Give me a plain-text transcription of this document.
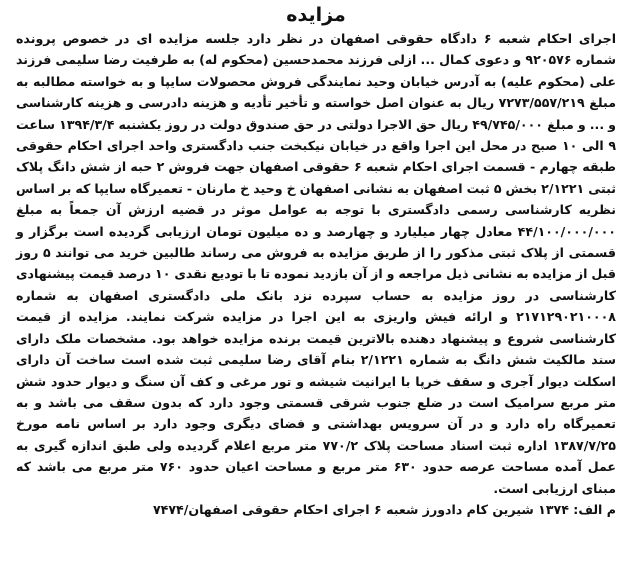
مزایده

اجرای احکام شعبه ۶ دادگاه حقوقی اصفهان در نظر دارد جلسه مزایده ای در خصوص پرونده شماره ۹۲۰۵۷۶ و دعوی کمال ... ازلی فرزند محمدحسین (محکوم له) به طرفیت رضا سلیمی فرزند علی (محکوم علیه) به آدرس خیابان وحید نمایندگی فروش محصولات سایپا و به خواسته مطالبه به مبلغ ۷۲۷۳/۵۵۷/۲۱۹ ریال به عنوان اصل خواسته و تأخیر تأدیه و هزینه دادرسی و هزینه کارشناسی و ... و مبلغ ۴۹/۷۴۵/۰۰۰ ریال حق الاجرا دولتی در حق صندوق دولت در روز یکشنبه ۱۳۹۴/۳/۴ ساعت ۹ الی ۱۰ صبح در محل این اجرا واقع در خیابان نیکبخت جنب دادگستری واحد اجرای احکام حقوقی طبقه چهارم - قسمت اجرای احکام شعبه ۶ حقوقی اصفهان جهت فروش ۲ حبه از شش دانگ پلاک ثبتی ۲/۱۲۲۱ بخش ۵ ثبت اصفهان به نشانی اصفهان خ وحید خ مارنان - تعمیرگاه سایپا که بر اساس نظریه کارشناسی رسمی دادگستری با توجه به عوامل موثر در قضیه ارزش آن جمعاً به مبلغ ۴۴/۱۰۰/۰۰۰/۰۰۰ معادل چهار میلیارد و چهارصد و ده میلیون تومان ارزیابی گردیده است برگزار و قسمتی از پلاک ثبتی مذکور را از طریق مزایده به فروش می رساند طالبین خرید می توانند ۵ روز قبل از مزایده به نشانی ذیل مراجعه و از آن بازدید نموده تا با تودیع نقدی ۱۰ درصد قیمت پیشنهادی کارشناسی در روز مزایده به حساب سپرده نزد بانک ملی دادگستری اصفهان به شماره ۲۱۷۱۲۹۰۲۱۰۰۰۸ و ارائه فیش واریزی به این اجرا در مزایده شرکت نمایند. مزایده از قیمت کارشناسی شروع و پیشنهاد دهنده بالاترین قیمت برنده مزایده خواهد بود. مشخصات ملک دارای سند مالکیت شش دانگ به شماره ۲/۱۲۲۱ بنام آقای رضا سلیمی ثبت شده است ساخت آن دارای اسکلت دیوار آجری و سقف خرپا با ایرانیت شیشه و تور مرغی و کف آن سنگ و دیوار حدود شش متر مربع سرامیک است در ضلع جنوب شرقی قسمتی وجود دارد که بدون سقف می باشد و به تعمیرگاه راه دارد و در آن سرویس بهداشتی و فضای دیگری وجود دارد بر اساس نامه مورخ ۱۳۸۷/۷/۲۵ اداره ثبت اسناد مساحت پلاک ۷۷۰/۲ متر مربع اعلام گردیده ولی طبق اندازه گیری به عمل آمده مساحت عرصه حدود ۶۳۰ متر مربع و مساحت اعیان حدود ۷۶۰ متر مربع می باشد که مبنای ارزیابی است.

م الف: ۱۳۷۴ شیرین کام دادورز شعبه ۶ اجرای احکام حقوقی اصفهان/۷۴۷۴
